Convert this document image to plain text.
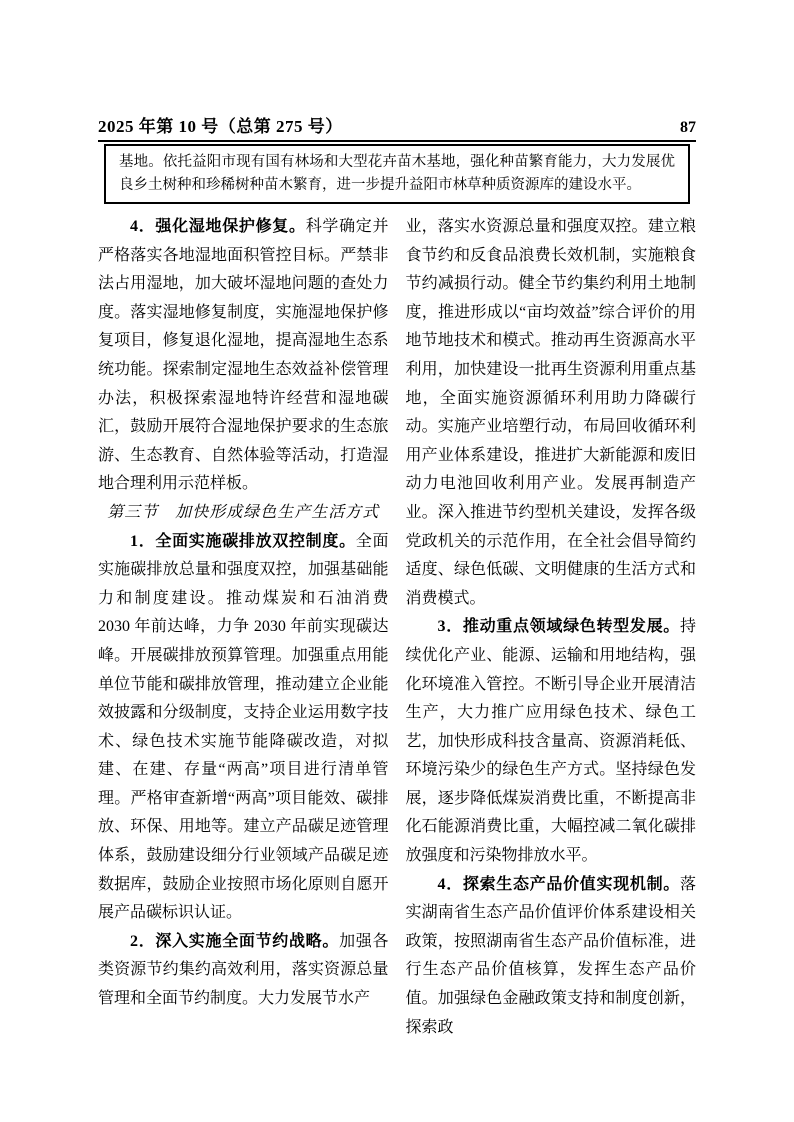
2025 年第 10 号（总第 275 号）	87
基地。依托益阳市现有国有林场和大型花卉苗木基地，强化种苗繁育能力，大力发展优良乡土树种和珍稀树种苗木繁育，进一步提升益阳市林草种质资源库的建设水平。

4．强化湿地保护修复。科学确定并严格落实各地湿地面积管控目标。严禁非法占用湿地，加大破坏湿地问题的查处力度。落实湿地修复制度，实施湿地保护修复项目，修复退化湿地，提高湿地生态系统功能。探索制定湿地生态效益补偿管理办法，积极探索湿地特许经营和湿地碳汇，鼓励开展符合湿地保护要求的生态旅游、生态教育、自然体验等活动，打造湿地合理利用示范样板。

第三节　加快形成绿色生产生活方式

1．全面实施碳排放双控制度。全面实施碳排放总量和强度双控，加强基础能力和制度建设。推动煤炭和石油消费 2030 年前达峰，力争 2030 年前实现碳达峰。开展碳排放预算管理。加强重点用能单位节能和碳排放管理，推动建立企业能效披露和分级制度，支持企业运用数字技术、绿色技术实施节能降碳改造，对拟建、在建、存量“两高”项目进行清单管理。严格审查新增“两高”项目能效、碳排放、环保、用地等。建立产品碳足迹管理体系，鼓励建设细分行业领域产品碳足迹数据库，鼓励企业按照市场化原则自愿开展产品碳标识认证。

2．深入实施全面节约战略。加强各类资源节约集约高效利用，落实资源总量管理和全面节约制度。大力发展节水产

业，落实水资源总量和强度双控。建立粮食节约和反食品浪费长效机制，实施粮食节约减损行动。健全节约集约利用土地制度，推进形成以“亩均效益”综合评价的用地节地技术和模式。推动再生资源高水平利用，加快建设一批再生资源利用重点基地，全面实施资源循环利用助力降碳行动。实施产业培塑行动，布局回收循环利用产业体系建设，推进扩大新能源和废旧动力电池回收利用产业。发展再制造产业。深入推进节约型机关建设，发挥各级党政机关的示范作用，在全社会倡导简约适度、绿色低碳、文明健康的生活方式和消费模式。

3．推动重点领域绿色转型发展。持续优化产业、能源、运输和用地结构，强化环境准入管控。不断引导企业开展清洁生产，大力推广应用绿色技术、绿色工艺，加快形成科技含量高、资源消耗低、环境污染少的绿色生产方式。坚持绿色发展，逐步降低煤炭消费比重，不断提高非化石能源消费比重，大幅控减二氧化碳排放强度和污染物排放水平。

4．探索生态产品价值实现机制。落实湖南省生态产品价值评价体系建设相关政策，按照湖南省生态产品价值标准，进行生态产品价值核算，发挥生态产品价值。加强绿色金融政策支持和制度创新，探索政
